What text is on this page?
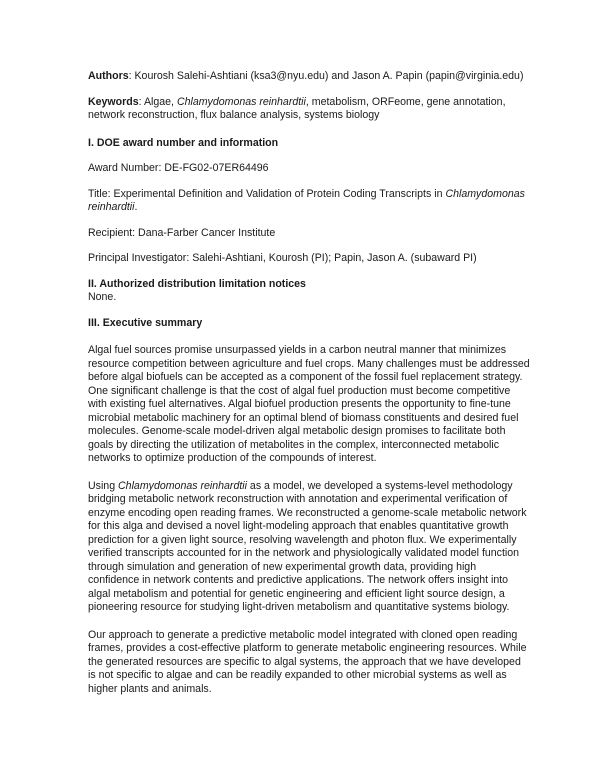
Authors: Kourosh Salehi-Ashtiani (ksa3@nyu.edu) and Jason A. Papin (papin@virginia.edu)

Keywords: Algae, Chlamydomonas reinhardtii, metabolism, ORFeome, gene annotation, network reconstruction, flux balance analysis, systems biology

I. DOE award number and information

Award Number: DE-FG02-07ER64496

Title: Experimental Definition and Validation of Protein Coding Transcripts in Chlamydomonas reinhardtii.

Recipient: Dana-Farber Cancer Institute

Principal Investigator: Salehi-Ashtiani, Kourosh (PI); Papin, Jason A. (subaward PI)

II. Authorized distribution limitation notices

None.

III. Executive summary

Algal fuel sources promise unsurpassed yields in a carbon neutral manner that minimizes resource competition between agriculture and fuel crops. Many challenges must be addressed before algal biofuels can be accepted as a component of the fossil fuel replacement strategy. One significant challenge is that the cost of algal fuel production must become competitive with existing fuel alternatives. Algal biofuel production presents the opportunity to fine-tune microbial metabolic machinery for an optimal blend of biomass constituents and desired fuel molecules. Genome-scale model-driven algal metabolic design promises to facilitate both goals by directing the utilization of metabolites in the complex, interconnected metabolic networks to optimize production of the compounds of interest.

Using Chlamydomonas reinhardtii as a model, we developed a systems-level methodology bridging metabolic network reconstruction with annotation and experimental verification of enzyme encoding open reading frames. We reconstructed a genome-scale metabolic network for this alga and devised a novel light-modeling approach that enables quantitative growth prediction for a given light source, resolving wavelength and photon flux. We experimentally verified transcripts accounted for in the network and physiologically validated model function through simulation and generation of new experimental growth data, providing high confidence in network contents and predictive applications. The network offers insight into algal metabolism and potential for genetic engineering and efficient light source design, a pioneering resource for studying light-driven metabolism and quantitative systems biology.

Our approach to generate a predictive metabolic model integrated with cloned open reading frames, provides a cost-effective platform to generate metabolic engineering resources. While the generated resources are specific to algal systems, the approach that we have developed is not specific to algae and can be readily expanded to other microbial systems as well as higher plants and animals.
